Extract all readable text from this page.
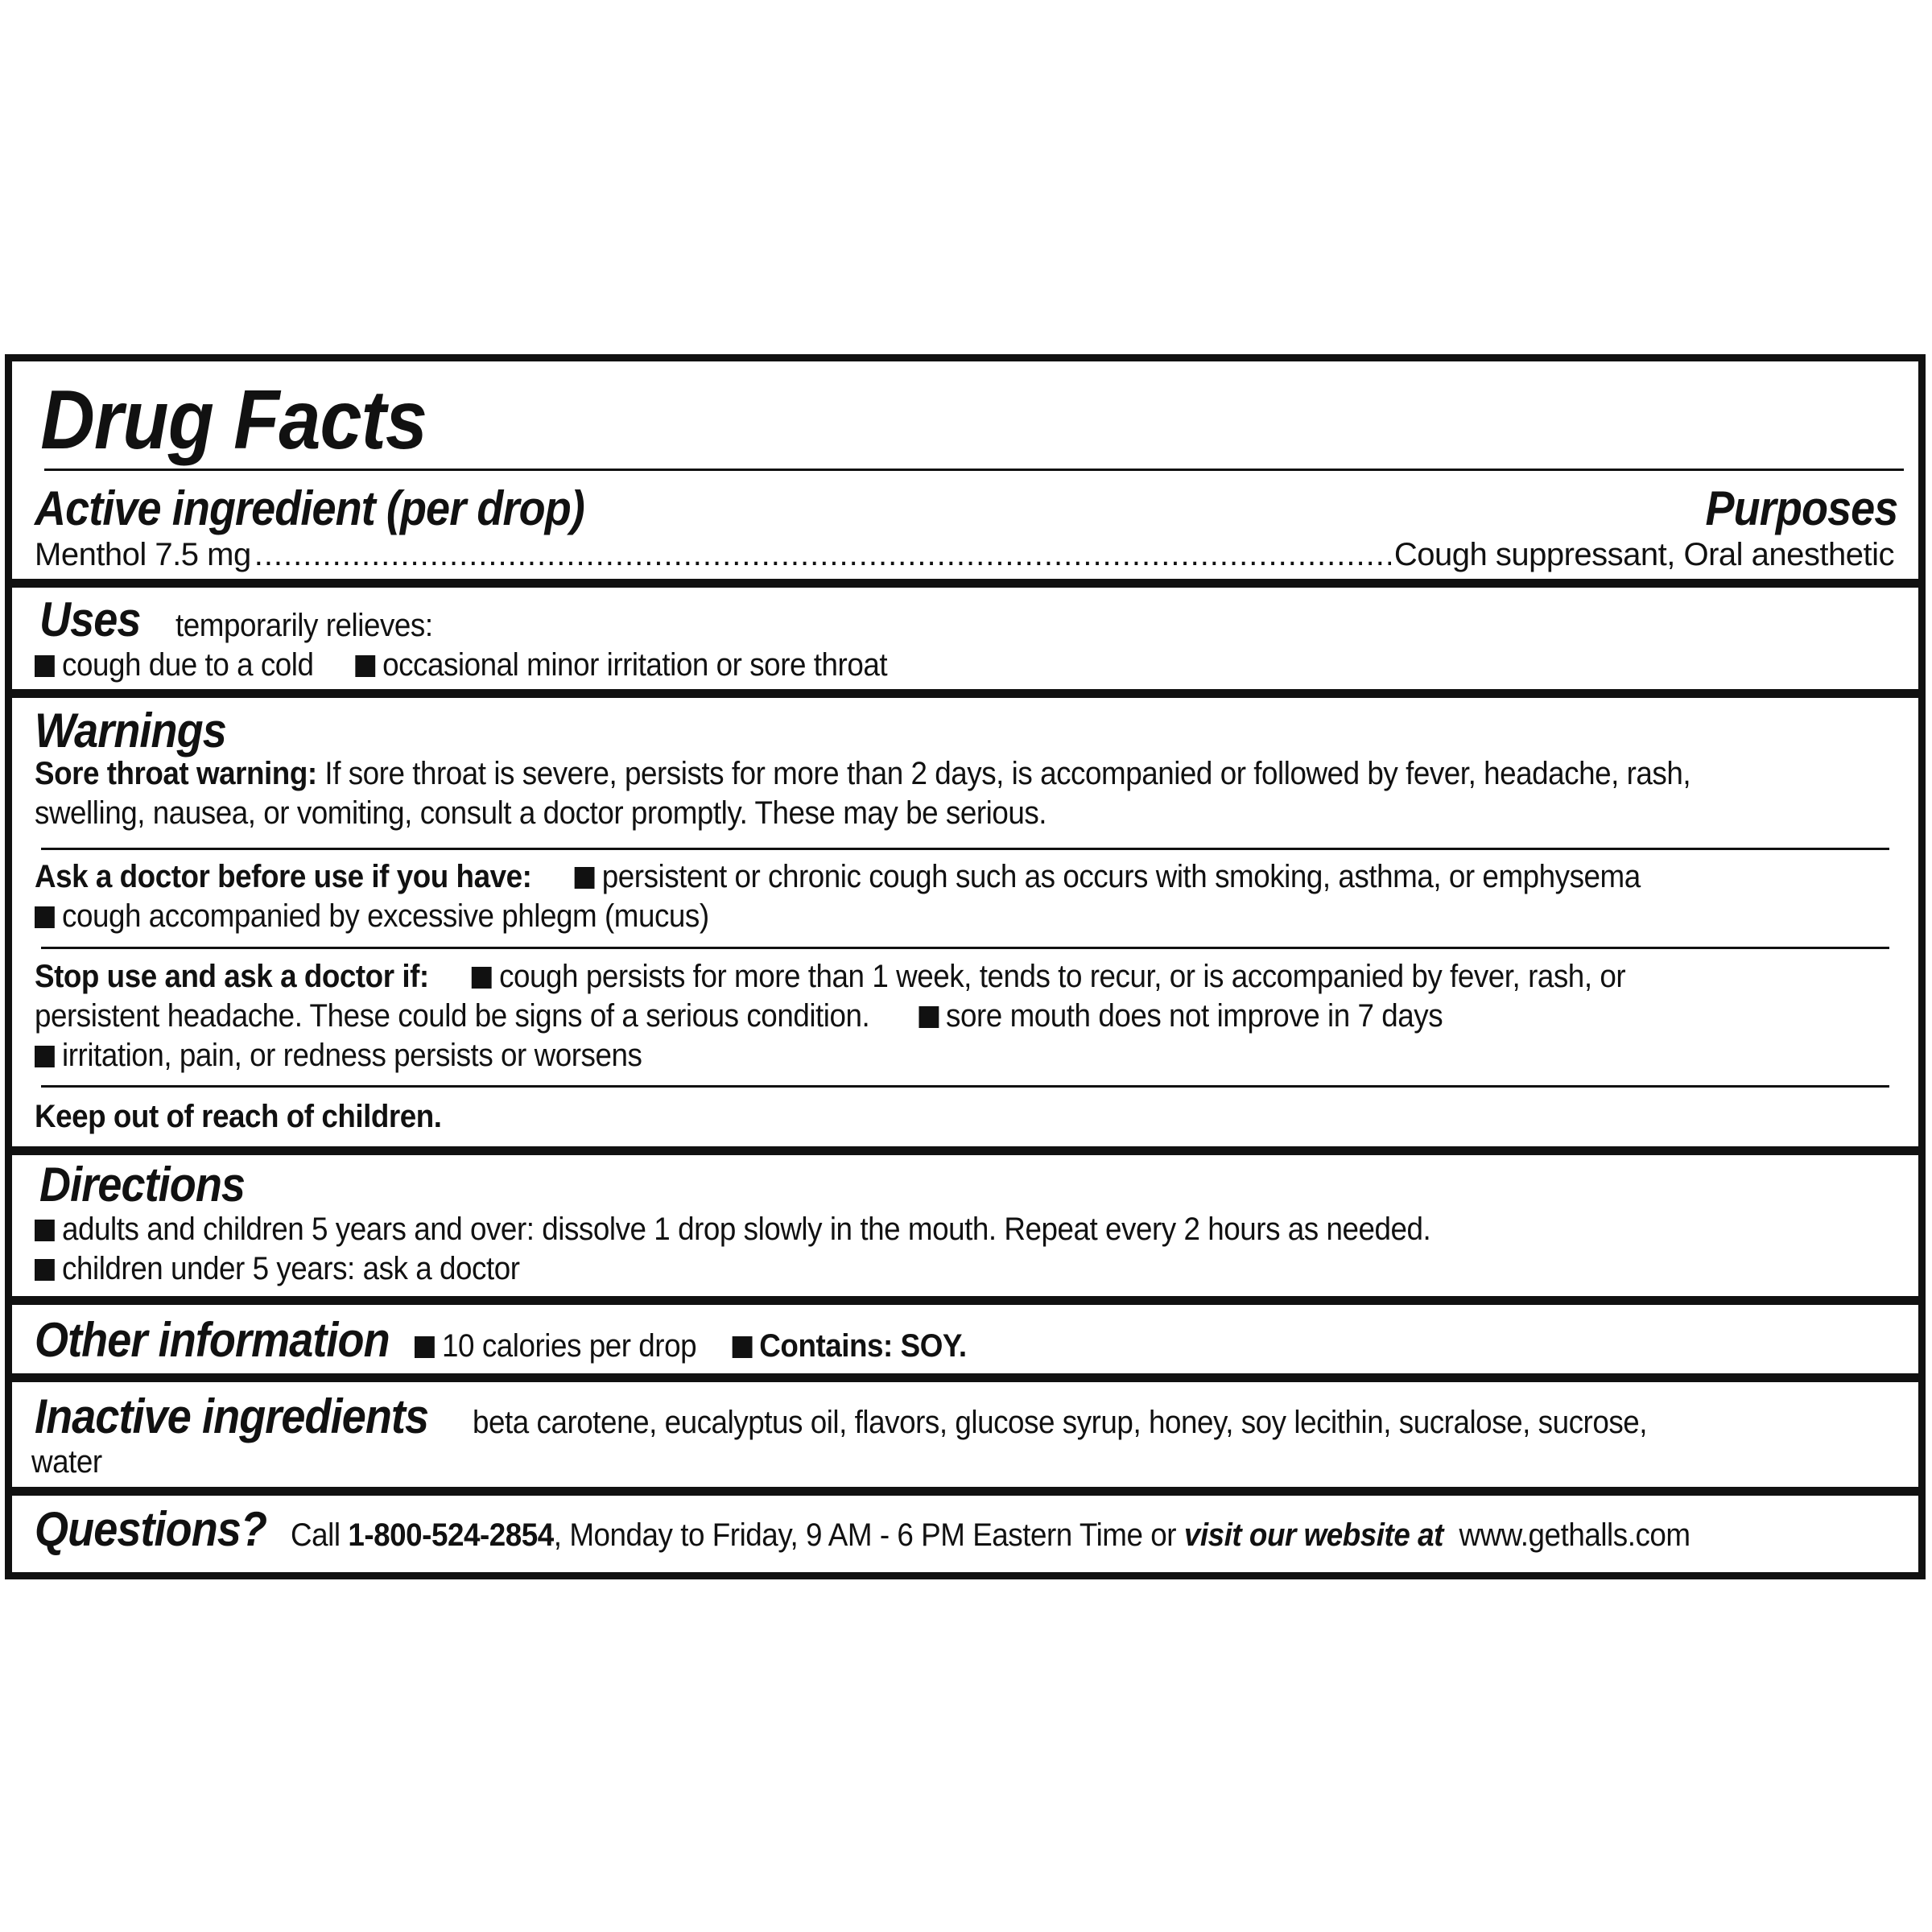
Drug Facts
Active ingredient (per drop)	Purposes
Menthol 7.5 mg
.....	Cough suppressant, Oral anesthetic
Uses temporarily relieves:
cough due to a cold occasional minor irritation or sore throat
Warnings
Sore throat warning: If sore throat is severe, persists for more than 2 days, is accompanied or followed by fever, headache, rash,
swelling, nausea, or vomiting, consult a doctor promptly. These may be serious.
Ask a doctor before use if you have: persistent or chronic cough such as occurs with smoking, asthma, or emphysema
cough accompanied by excessive phlegm (mucus)
Stop use and ask a doctor if: cough persists for more than 1 week, tends to recur, or is accompanied by fever, rash, or
persistent headache. These could be signs of a serious condition. sore mouth does not improve in 7 days
irritation, pain, or redness persists or worsens
Keep out of reach of children.
Directions
adults and children 5 years and over: dissolve 1 drop slowly in the mouth. Repeat every 2 hours as needed.
children under 5 years: ask a doctor
Other information	10 calories per drop Contains: SOY.
Inactive ingredients beta carotene, eucalyptus oil, flavors, glucose syrup, honey, soy lecithin, sucralose, sucrose,
water
Questions? Call 1-800-524-2854, Monday to Friday, 9 AM - 6 PM Eastern Time or visit our website at www.gethalls.com
